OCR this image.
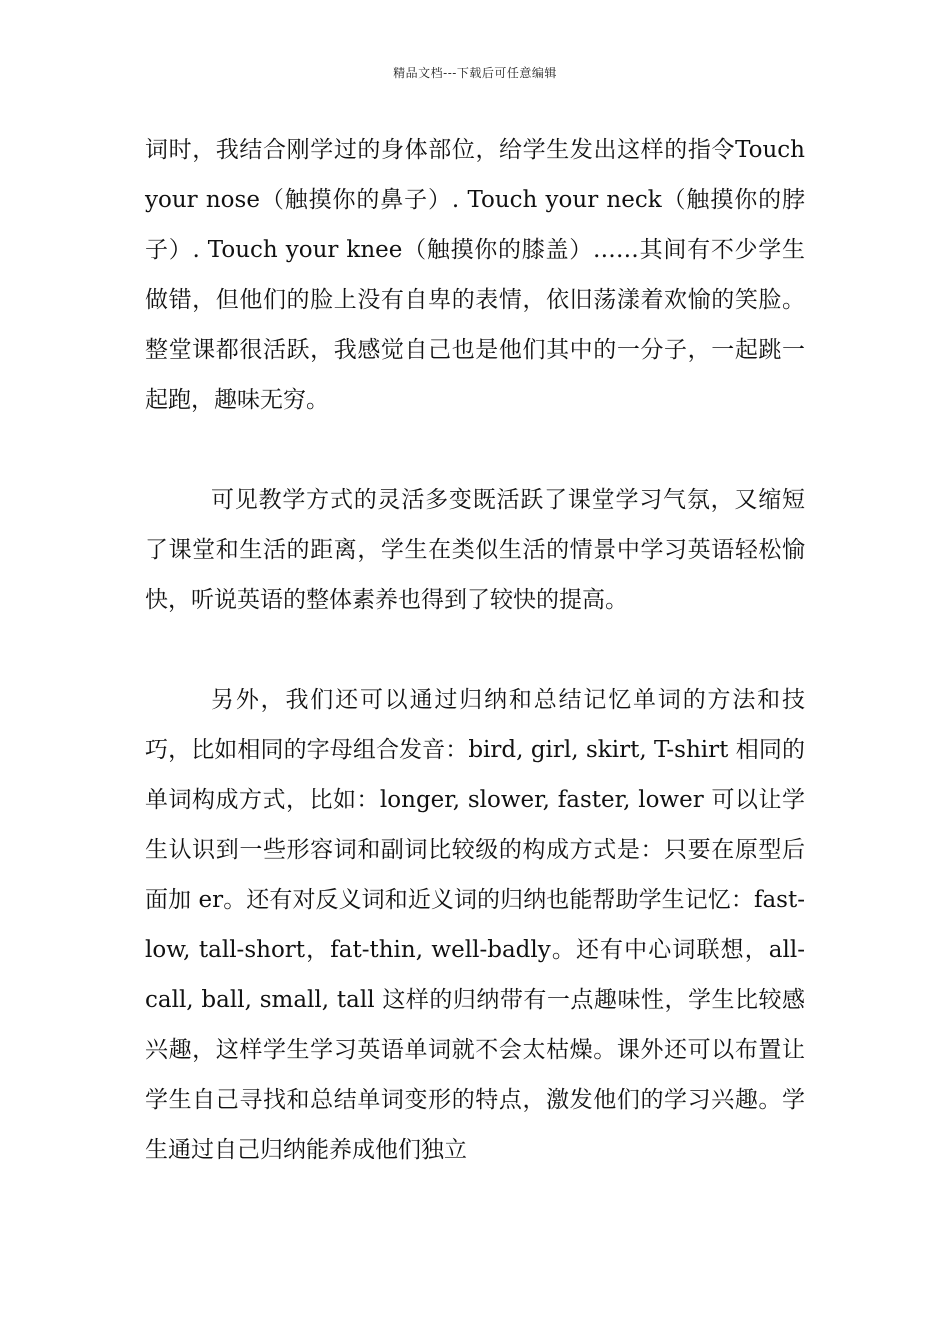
精品文档---下载后可任意编辑

词时，我结合刚学过的身体部位，给学生发出这样的指令Touch your nose（触摸你的鼻子）. Touch your neck（触摸你的脖子）. Touch your knee（触摸你的膝盖）……其间有不少学生做错，但他们的脸上没有自卑的表情，依旧荡漾着欢愉的笑脸。整堂课都很活跃，我感觉自己也是他们其中的一分子，一起跳一起跑，趣味无穷。

可见教学方式的灵活多变既活跃了课堂学习气氛，又缩短了课堂和生活的距离，学生在类似生活的情景中学习英语轻松愉快，听说英语的整体素养也得到了较快的提高。

另外，我们还可以通过归纳和总结记忆单词的方法和技巧，比如相同的字母组合发音：bird, girl, skirt, T-shirt 相同的单词构成方式，比如：longer, slower, faster, lower 可以让学生认识到一些形容词和副词比较级的构成方式是：只要在原型后面加 er。还有对反义词和近义词的归纳也能帮助学生记忆：fast-low, tall-short，fat-thin, well-badly。还有中心词联想，all-call, ball, small, tall 这样的归纳带有一点趣味性，学生比较感兴趣，这样学生学习英语单词就不会太枯燥。课外还可以布置让学生自己寻找和总结单词变形的特点，激发他们的学习兴趣。学生通过自己归纳能养成他们独立
